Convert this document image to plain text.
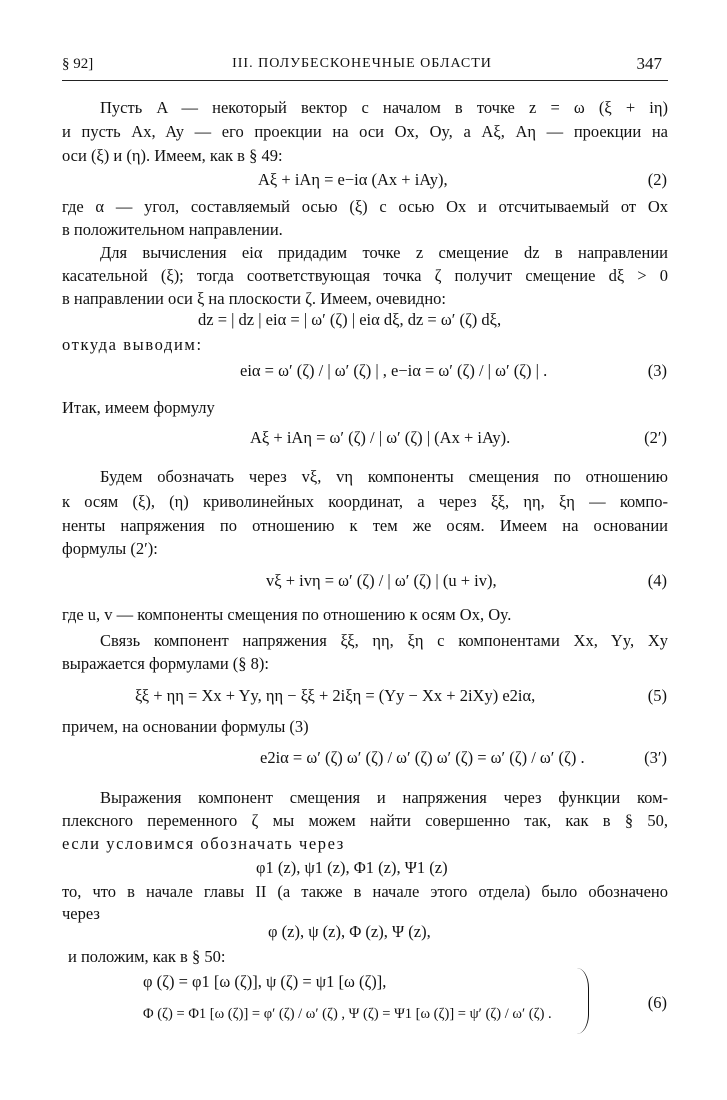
§ 92]	III. ПОЛУБЕСКОНЕЧНЫЕ ОБЛАСТИ	347
Пусть A — некоторый вектор с началом в точке z = ω (ξ + iη)
и пусть Ax, Ay — его проекции на оси Ox, Oy, а Aξ, Aη — проекции на
оси (ξ) и (η). Имеем, как в § 49:
Aξ + iAη = e−iα (Ax + iAy),	(2)
где α — угол, составляемый осью (ξ) с осью Ox и отсчитываемый от Ox
в положительном направлении.
Для вычисления eiα придадим точке z смещение dz в направлении
касательной (ξ); тогда соответствующая точка ζ получит смещение dξ > 0
в направлении оси ξ на плоскости ζ. Имеем, очевидно:
dz = | dz | eiα = | ω′ (ζ) | eiα dξ, dz = ω′ (ζ) dξ,
откуда выводим:
eiα = ω′ (ζ) / | ω′ (ζ) | , e−iα = ω′ (ζ) / | ω′ (ζ) | .	(3)
Итак, имеем формулу
Aξ + iAη = ω′ (ζ) / | ω′ (ζ) | (Ax + iAy).	(2′)
Будем обозначать через vξ, vη компоненты смещения по отношению
к осям (ξ), (η) криволинейных координат, а через ξξ, ηη, ξη — компо-
ненты напряжения по отношению к тем же осям. Имеем на основании
формулы (2′):
vξ + ivη = ω′ (ζ) / | ω′ (ζ) | (u + iv),	(4)
где u, v — компоненты смещения по отношению к осям Ox, Oy.
Связь компонент напряжения ξξ, ηη, ξη с компонентами Xx, Yy, Xy
выражается формулами (§ 8):
ξξ + ηη = Xx + Yy, ηη − ξξ + 2iξη = (Yy − Xx + 2iXy) e2iα,	(5)
причем, на основании формулы (3)
e2iα = ω′ (ζ) ω′ (ζ) / ω′ (ζ) ω′ (ζ) = ω′ (ζ) / ω′ (ζ) .	(3′)
Выражения компонент смещения и напряжения через функции ком-
плексного переменного ζ мы можем найти совершенно так, как в § 50,
если условимся обозначать через
φ1 (z), ψ1 (z), Φ1 (z), Ψ1 (z)
то, что в начале главы II (а также в начале этого отдела) было обозначено
через
φ (z), ψ (z), Φ (z), Ψ (z),
и положим, как в § 50:
φ (ζ) = φ1 [ω (ζ)], ψ (ζ) = ψ1 [ω (ζ)],
Φ (ζ) = Φ1 [ω (ζ)] = φ′ (ζ) / ω′ (ζ) , Ψ (ζ) = Ψ1 [ω (ζ)] = ψ′ (ζ) / ω′ (ζ) .
(6)
